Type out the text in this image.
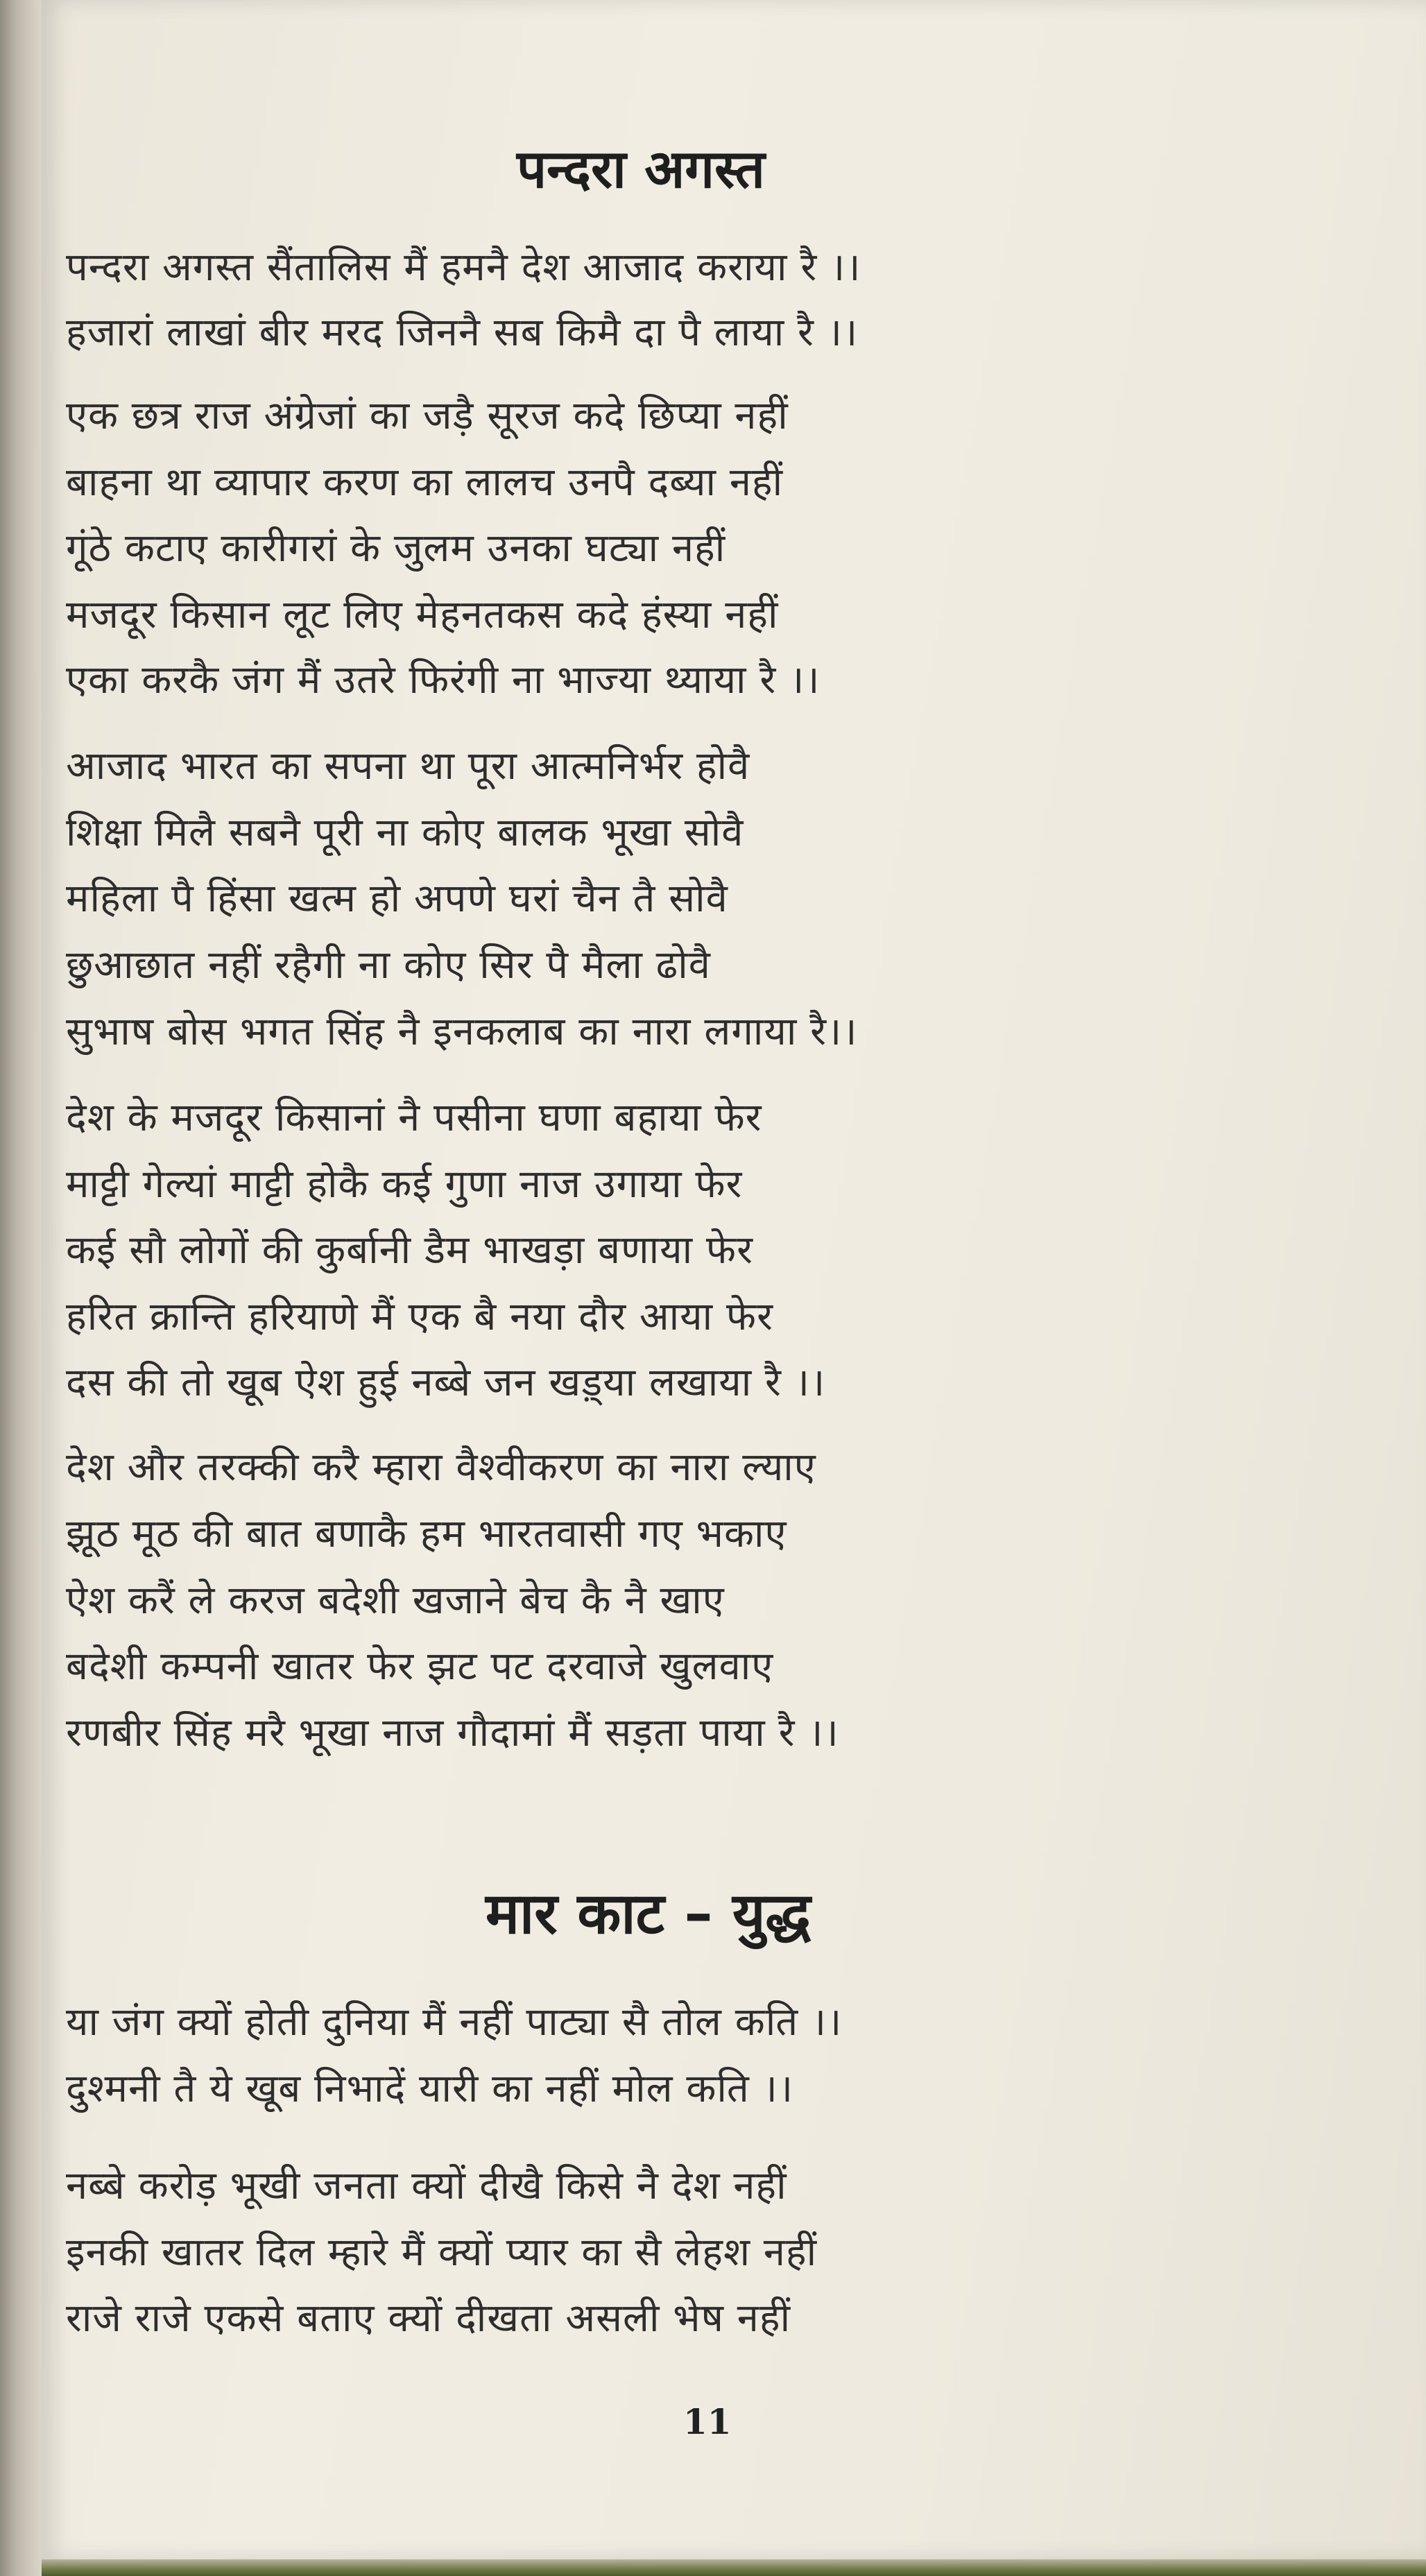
पन्दरा अगस्त
पन्दरा अगस्त सैंतालिस मैं हमनै देश आजाद कराया रै ।।
हजारां लाखां बीर मरद जिननै सब किमै दा पै लाया रै ।।
एक छत्र राज अंग्रेजां का जड़ै सूरज कदे छिप्या नहीं
बाहना था व्यापार करण का लालच उनपै दब्या नहीं
गूंठे कटाए कारीगरां के जुलम उनका घट्या नहीं
मजदूर किसान लूट लिए मेहनतकस कदे हंस्या नहीं
एका करकै जंग मैं उतरे फिरंगी ना भाज्या थ्याया रै ।।
आजाद भारत का सपना था पूरा आत्मनिर्भर होवै
शिक्षा मिलै सबनै पूरी ना कोए बालक भूखा सोवै
महिला पै हिंसा खत्म हो अपणे घरां चैन तै सोवै
छुआछात नहीं रहैगी ना कोए सिर पै मैला ढोवै
सुभाष बोस भगत सिंह नै इनकलाब का नारा लगाया रै।।
देश के मजदूर किसानां नै पसीना घणा बहाया फेर
माट्टी गेल्यां माट्टी होकै कई गुणा नाज उगाया फेर
कई सौ लोगों की कुर्बानी डैम भाखड़ा बणाया फेर
हरित क्रान्ति हरियाणे मैं एक बै नया दौर आया फेर
दस की तो खूब ऐश हुई नब्बे जन खड़्या लखाया रै ।।
देश और तरक्की करै म्हारा वैश्वीकरण का नारा ल्याए
झूठ मूठ की बात बणाकै हम भारतवासी गए भकाए
ऐश करैं ले करज बदेशी खजाने बेच कै नै खाए
बदेशी कम्पनी खातर फेर झट पट दरवाजे खुलवाए
रणबीर सिंह मरै भूखा नाज गौदामां मैं सड़ता पाया रै ।।
मार काट – युद्ध
या जंग क्यों होती दुनिया मैं नहीं पाट्या सै तोल कति ।।
दुश्मनी तै ये खूब निभादें यारी का नहीं मोल कति ।।
नब्बे करोड़ भूखी जनता क्यों दीखै किसे नै देश नहीं
इनकी खातर दिल म्हारे मैं क्यों प्यार का सै लेहश नहीं
राजे राजे एकसे बताए क्यों दीखता असली भेष नहीं
11
